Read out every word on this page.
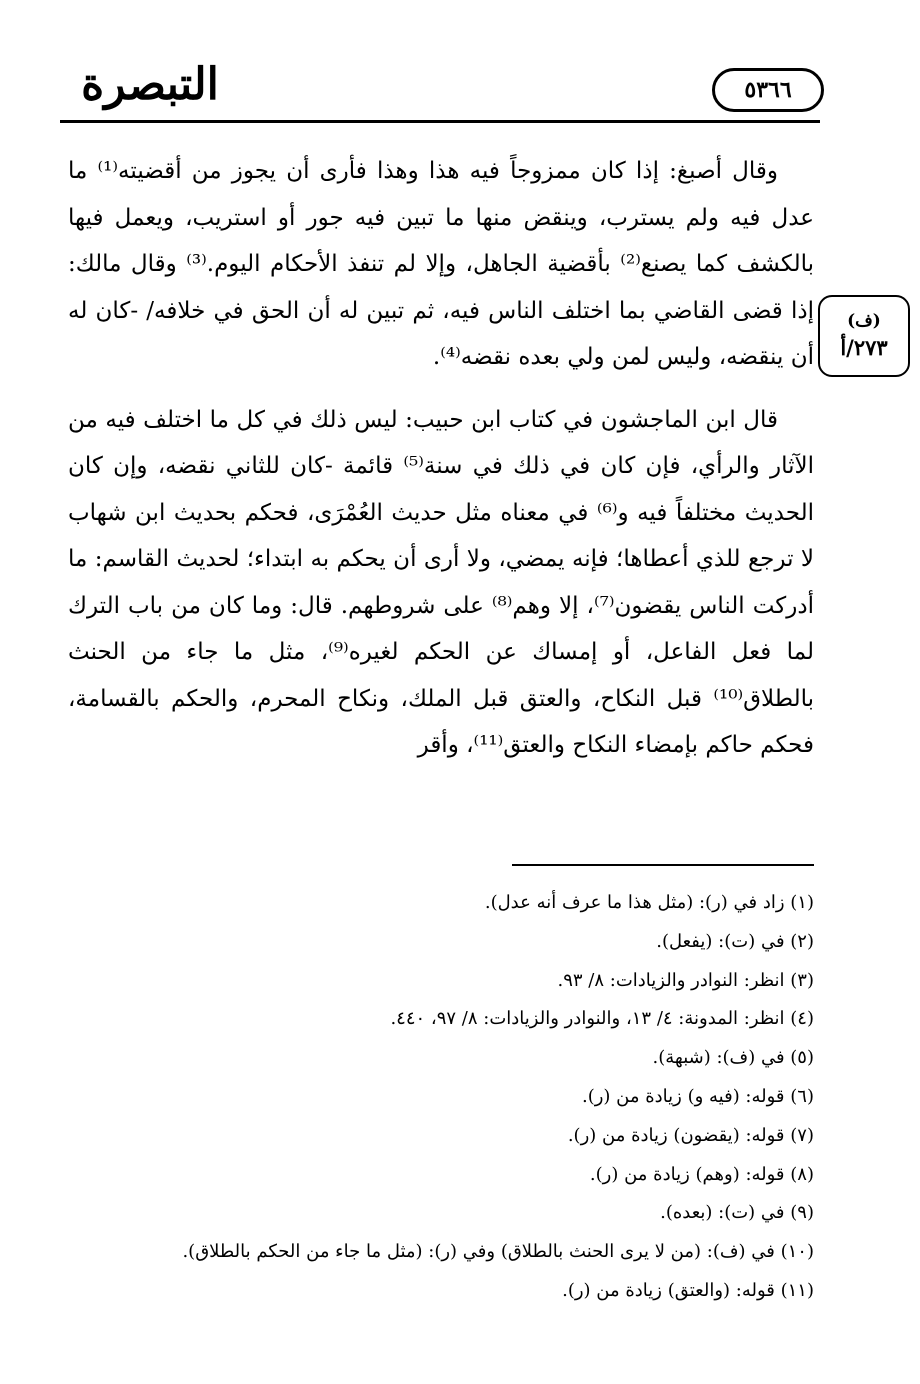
التبصرة	٥٣٦٦
(ف)
٢٧٣/أ

وقال أصبغ: إذا كان ممزوجاً فيه هذا وهذا فأرى أن يجوز من أقضيته⁽¹⁾ ما عدل فيه ولم يسترب، وينقض منها ما تبين فيه جور أو استريب، ويعمل فيها بالكشف كما يصنع⁽²⁾ بأقضية الجاهل، وإلا لم تنفذ الأحكام اليوم.⁽³⁾ وقال مالك: إذا قضى القاضي بما اختلف الناس فيه، ثم تبين له أن الحق في خلافه/ -كان له أن ينقضه، وليس لمن ولي بعده نقضه⁽⁴⁾.

قال ابن الماجشون في كتاب ابن حبيب: ليس ذلك في كل ما اختلف فيه من الآثار والرأي، فإن كان في ذلك في سنة⁽⁵⁾ قائمة -كان للثاني نقضه، وإن كان الحديث مختلفاً فيه و⁽⁶⁾ في معناه مثل حديث العُمْرَى، فحكم بحديث ابن شهاب لا ترجع للذي أعطاها؛ فإنه يمضي، ولا أرى أن يحكم به ابتداء؛ لحديث القاسم: ما أدركت الناس يقضون⁽⁷⁾، إلا وهم⁽⁸⁾ على شروطهم. قال: وما كان من باب الترك لما فعل الفاعل، أو إمساك عن الحكم لغيره⁽⁹⁾، مثل ما جاء من الحنث بالطلاق⁽¹⁰⁾ قبل النكاح، والعتق قبل الملك، ونكاح المحرم، والحكم بالقسامة، فحكم حاكم بإمضاء النكاح والعتق⁽¹¹⁾، وأقر

(١) زاد في (ر): (مثل هذا ما عرف أنه عدل).
(٢) في (ت): (يفعل).
(٣) انظر: النوادر والزيادات: ٨/ ٩٣.
(٤) انظر: المدونة: ٤/ ١٣، والنوادر والزيادات: ٨/ ٩٧، ٤٤٠.
(٥) في (ف): (شبهة).
(٦) قوله: (فيه و) زيادة من (ر).
(٧) قوله: (يقضون) زيادة من (ر).
(٨) قوله: (وهم) زيادة من (ر).
(٩) في (ت): (بعده).
(١٠) في (ف): (من لا يرى الحنث بالطلاق) وفي (ر): (مثل ما جاء من الحكم بالطلاق).
(١١) قوله: (والعتق) زيادة من (ر).
